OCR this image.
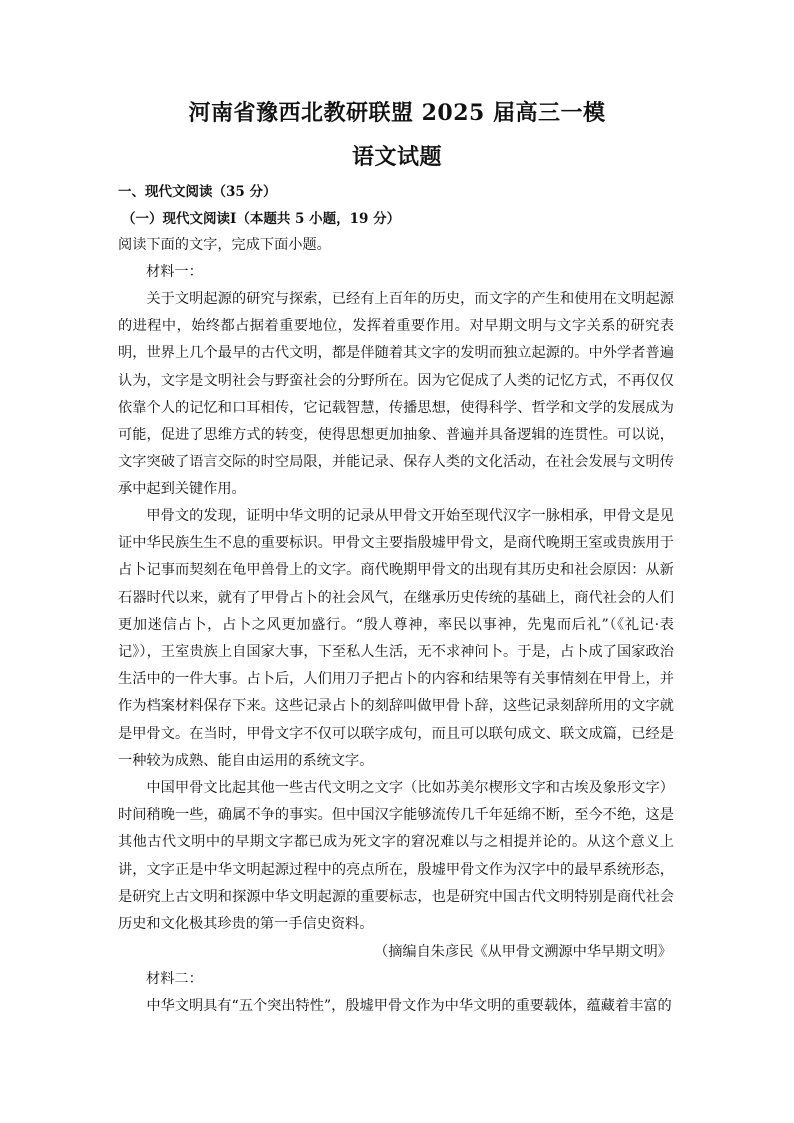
河南省豫西北教研联盟 2025 届高三一模
语文试题
一、现代文阅读（35 分）
（一）现代文阅读Ⅰ（本题共 5 小题，19 分）
阅读下面的文字，完成下面小题。
材料一：

关于文明起源的研究与探索，已经有上百年的历史，而文字的产生和使用在文明起源的进程中，始终都占据着重要地位，发挥着重要作用。对早期文明与文字关系的研究表明，世界上几个最早的古代文明，都是伴随着其文字的发明而独立起源的。中外学者普遍认为，文字是文明社会与野蛮社会的分野所在。因为它促成了人类的记忆方式，不再仅仅依靠个人的记忆和口耳相传，它记载智慧，传播思想，使得科学、哲学和文学的发展成为可能，促进了思维方式的转变，使得思想更加抽象、普遍并具备逻辑的连贯性。可以说，文字突破了语言交际的时空局限，并能记录、保存人类的文化活动，在社会发展与文明传承中起到关键作用。

甲骨文的发现，证明中华文明的记录从甲骨文开始至现代汉字一脉相承，甲骨文是见证中华民族生生不息的重要标识。甲骨文主要指殷墟甲骨文，是商代晚期王室或贵族用于占卜记事而契刻在龟甲兽骨上的文字。商代晚期甲骨文的出现有其历史和社会原因：从新石器时代以来，就有了甲骨占卜的社会风气，在继承历史传统的基础上，商代社会的人们更加迷信占卜，占卜之风更加盛行。“殷人尊神，率民以事神，先鬼而后礼”（《礼记·表记》），王室贵族上自国家大事，下至私人生活，无不求神问卜。于是，占卜成了国家政治生活中的一件大事。占卜后，人们用刀子把占卜的内容和结果等有关事情刻在甲骨上，并作为档案材料保存下来。这些记录占卜的刻辞叫做甲骨卜辞，这些记录刻辞所用的文字就是甲骨文。在当时，甲骨文字不仅可以联字成句，而且可以联句成文、联文成篇，已经是一种较为成熟、能自由运用的系统文字。

中国甲骨文比起其他一些古代文明之文字（比如苏美尔楔形文字和古埃及象形文字）时间稍晚一些，确属不争的事实。但中国汉字能够流传几千年延绵不断，至今不绝，这是其他古代文明中的早期文字都已成为死文字的窘况难以与之相提并论的。从这个意义上讲，文字正是中华文明起源过程中的亮点所在，殷墟甲骨文作为汉字中的最早系统形态，是研究上古文明和探源中华文明起源的重要标志，也是研究中国古代文明特别是商代社会历史和文化极其珍贵的第一手信史资料。

（摘编自朱彦民《从甲骨文溯源中华早期文明》
材料二：

中华文明具有“五个突出特性”，殷墟甲骨文作为中华文明的重要载体，蕴藏着丰富的
